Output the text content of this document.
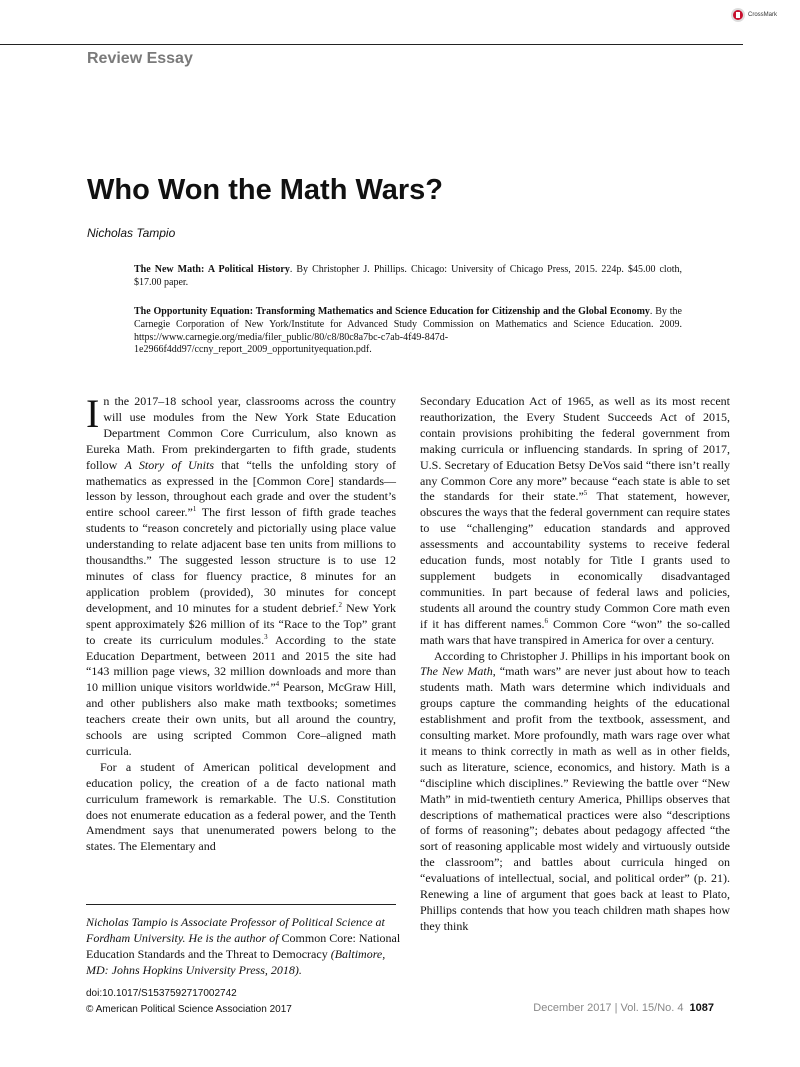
Review Essay
CrossMark
Who Won the Math Wars?
Nicholas Tampio
The New Math: A Political History. By Christopher J. Phillips. Chicago: University of Chicago Press, 2015. 224p. $45.00 cloth, $17.00 paper.
The Opportunity Equation: Transforming Mathematics and Science Education for Citizenship and the Global Economy. By the Carnegie Corporation of New York/Institute for Advanced Study Commission on Mathematics and Science Education. 2009. https://www.carnegie.org/media/filer_public/80/c8/80c8a7bc-c7ab-4f49-847d-1e2966f4dd97/ccny_report_2009_opportunityequation.pdf.

In the 2017–18 school year, classrooms across the country will use modules from the New York State Education Department Common Core Curriculum, also known as Eureka Math. From prekindergarten to fifth grade, students follow A Story of Units that “tells the unfolding story of mathematics as expressed in the [Common Core] standards—lesson by lesson, throughout each grade and over the student’s entire school career.”$^1$ The first lesson of fifth grade teaches students to “reason concretely and pictorially using place value understanding to relate adjacent base ten units from millions to thousandths.” The suggested lesson structure is to use 12 minutes of class for fluency practice, 8 minutes for an application problem (provided), 30 minutes for concept development, and 10 minutes for a student debrief.$^2$ New York spent approximately $26 million of its “Race to the Top” grant to create its curriculum modules.$^3$ According to the state Education Department, between 2011 and 2015 the site had “143 million page views, 32 million downloads and more than 10 million unique visitors worldwide.”$^4$ Pearson, McGraw Hill, and other publishers also make math textbooks; sometimes teachers create their own units, but all around the country, schools are using scripted Common Core–aligned math curricula.

For a student of American political development and education policy, the creation of a de facto national math curriculum framework is remarkable. The U.S. Constitution does not enumerate education as a federal power, and the Tenth Amendment says that unenumerated powers belong to the states. The Elementary and

Secondary Education Act of 1965, as well as its most recent reauthorization, the Every Student Succeeds Act of 2015, contain provisions prohibiting the federal government from making curricula or influencing standards. In spring of 2017, U.S. Secretary of Education Betsy DeVos said “there isn’t really any Common Core any more” because “each state is able to set the standards for their state.”$^5$ That statement, however, obscures the ways that the federal government can require states to use “challenging” education standards and approved assessments and accountability systems to receive federal education funds, most notably for Title I grants used to supplement budgets in economically disadvantaged communities. In part because of federal laws and policies, students all around the country study Common Core math even if it has different names.$^6$ Common Core “won” the so-called math wars that have transpired in America for over a century.

According to Christopher J. Phillips in his important book on The New Math, “math wars” are never just about how to teach students math. Math wars determine which individuals and groups capture the commanding heights of the educational establishment and profit from the textbook, assessment, and consulting market. More profoundly, math wars rage over what it means to think correctly in math as well as in other fields, such as literature, science, economics, and history. Math is a “discipline which disciplines.” Reviewing the battle over “New Math” in mid-twentieth century America, Phillips observes that descriptions of mathematical practices were also “descriptions of forms of reasoning”; debates about pedagogy affected “the sort of reasoning applicable most widely and virtuously outside the classroom”; and battles about curricula hinged on “evaluations of intellectual, social, and political order” (p. 21). Renewing a line of argument that goes back at least to Plato, Phillips contends that how you teach children math shapes how they think

Nicholas Tampio is Associate Professor of Political Science at Fordham University. He is the author of Common Core: National Education Standards and the Threat to Democracy (Baltimore, MD: Johns Hopkins University Press, 2018).
doi:10.1017/S1537592717002742
© American Political Science Association 2017	December 2017 | Vol. 15/No. 4 1087
